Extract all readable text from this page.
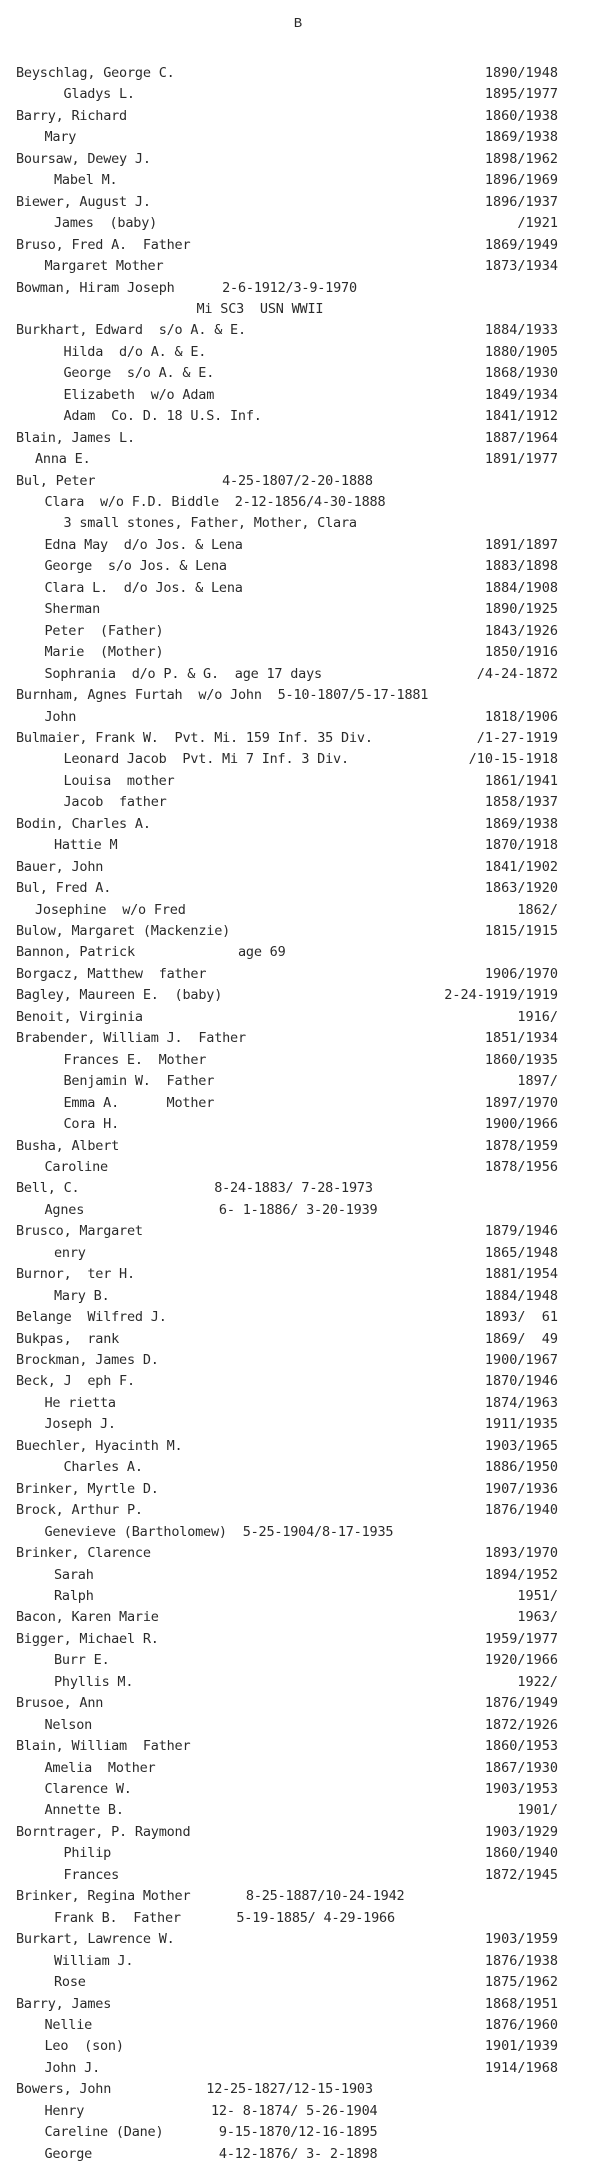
B
Beyschlag, George C.	1890/1948
Gladys L.	1895/1977
Barry, Richard	1860/1938
Mary	1869/1938
Boursaw, Dewey J.	1898/1962
Mabel M.	1896/1969
Biewer, August J.	1896/1937
James  (baby)	/1921
Bruso, Fred A.  Father	1869/1949
Margaret Mother	1873/1934
Bowman, Hiram Joseph      2-6-1912/3-9-1970
Mi SC3  USN WWII
Burkhart, Edward  s/o A. & E.	1884/1933
Hilda  d/o A. & E.	1880/1905
George  s/o A. & E.	1868/1930
Elizabeth  w/o Adam	1849/1934
Adam  Co. D. 18 U.S. Inf.	1841/1912
Blain, James L.	1887/1964
Anna E.	1891/1977
Bul, Peter                4-25-1807/2-20-1888
Clara  w/o F.D. Biddle  2-12-1856/4-30-1888
3 small stones, Father, Mother, Clara
Edna May  d/o Jos. & Lena	1891/1897
George  s/o Jos. & Lena	1883/1898
Clara L.  d/o Jos. & Lena	1884/1908
Sherman	1890/1925
Peter  (Father)	1843/1926
Marie  (Mother)	1850/1916
Sophrania  d/o P. & G.  age 17 days	/4-24-1872
Burnham, Agnes Furtah  w/o John  5-10-1807/5-17-1881
John	1818/1906
Bulmaier, Frank W.  Pvt. Mi. 159 Inf. 35 Div.	/1-27-1919
Leonard Jacob  Pvt. Mi 7 Inf. 3 Div.	/10-15-1918
Louisa  mother	1861/1941
Jacob  father	1858/1937
Bodin, Charles A.	1869/1938
Hattie M	1870/1918
Bauer, John	1841/1902
Bul, Fred A.	1863/1920
Josephine  w/o Fred	1862/
Bulow, Margaret (Mackenzie)	1815/1915
Bannon, Patrick             age 69
Borgacz, Matthew  father	1906/1970
Bagley, Maureen E.  (baby)	2-24-1919/1919
Benoit, Virginia	1916/
Brabender, William J.  Father	1851/1934
Frances E.  Mother	1860/1935
Benjamin W.  Father	1897/
Emma A.      Mother	1897/1970
Cora H.	1900/1966
Busha, Albert	1878/1959
Caroline	1878/1956
Bell, C.                 8-24-1883/ 7-28-1973
Agnes                 6- 1-1886/ 3-20-1939
Brusco, Margaret	1879/1946
enry	1865/1948
Burnor,  ter H.	1881/1954
Mary B.	1884/1948
Belange  Wilfred J.	1893/  61
Bukpas,  rank	1869/  49
Brockman, James D.	1900/1967
Beck, J  eph F.	1870/1946
He rietta	1874/1963
Joseph J.	1911/1935
Buechler, Hyacinth M.	1903/1965
Charles A.	1886/1950
Brinker, Myrtle D.	1907/1936
Brock, Arthur P.	1876/1940
Genevieve (Bartholomew)  5-25-1904/8-17-1935
Brinker, Clarence	1893/1970
Sarah	1894/1952
Ralph	1951/
Bacon, Karen Marie	1963/
Bigger, Michael R.	1959/1977
Burr E.	1920/1966
Phyllis M.	1922/
Brusoe, Ann	1876/1949
Nelson	1872/1926
Blain, William  Father	1860/1953
Amelia  Mother	1867/1930
Clarence W.	1903/1953
Annette B.	1901/
Borntrager, P. Raymond	1903/1929
Philip	1860/1940
Frances	1872/1945
Brinker, Regina Mother       8-25-1887/10-24-1942
Frank B.  Father       5-19-1885/ 4-29-1966
Burkart, Lawrence W.	1903/1959
William J.	1876/1938
Rose	1875/1962
Barry, James	1868/1951
Nellie	1876/1960
Leo  (son)	1901/1939
John J.	1914/1968
Bowers, John            12-25-1827/12-15-1903
Henry                12- 8-1874/ 5-26-1904
Careline (Dane)       9-15-1870/12-16-1895
George                4-12-1876/ 3- 2-1898
